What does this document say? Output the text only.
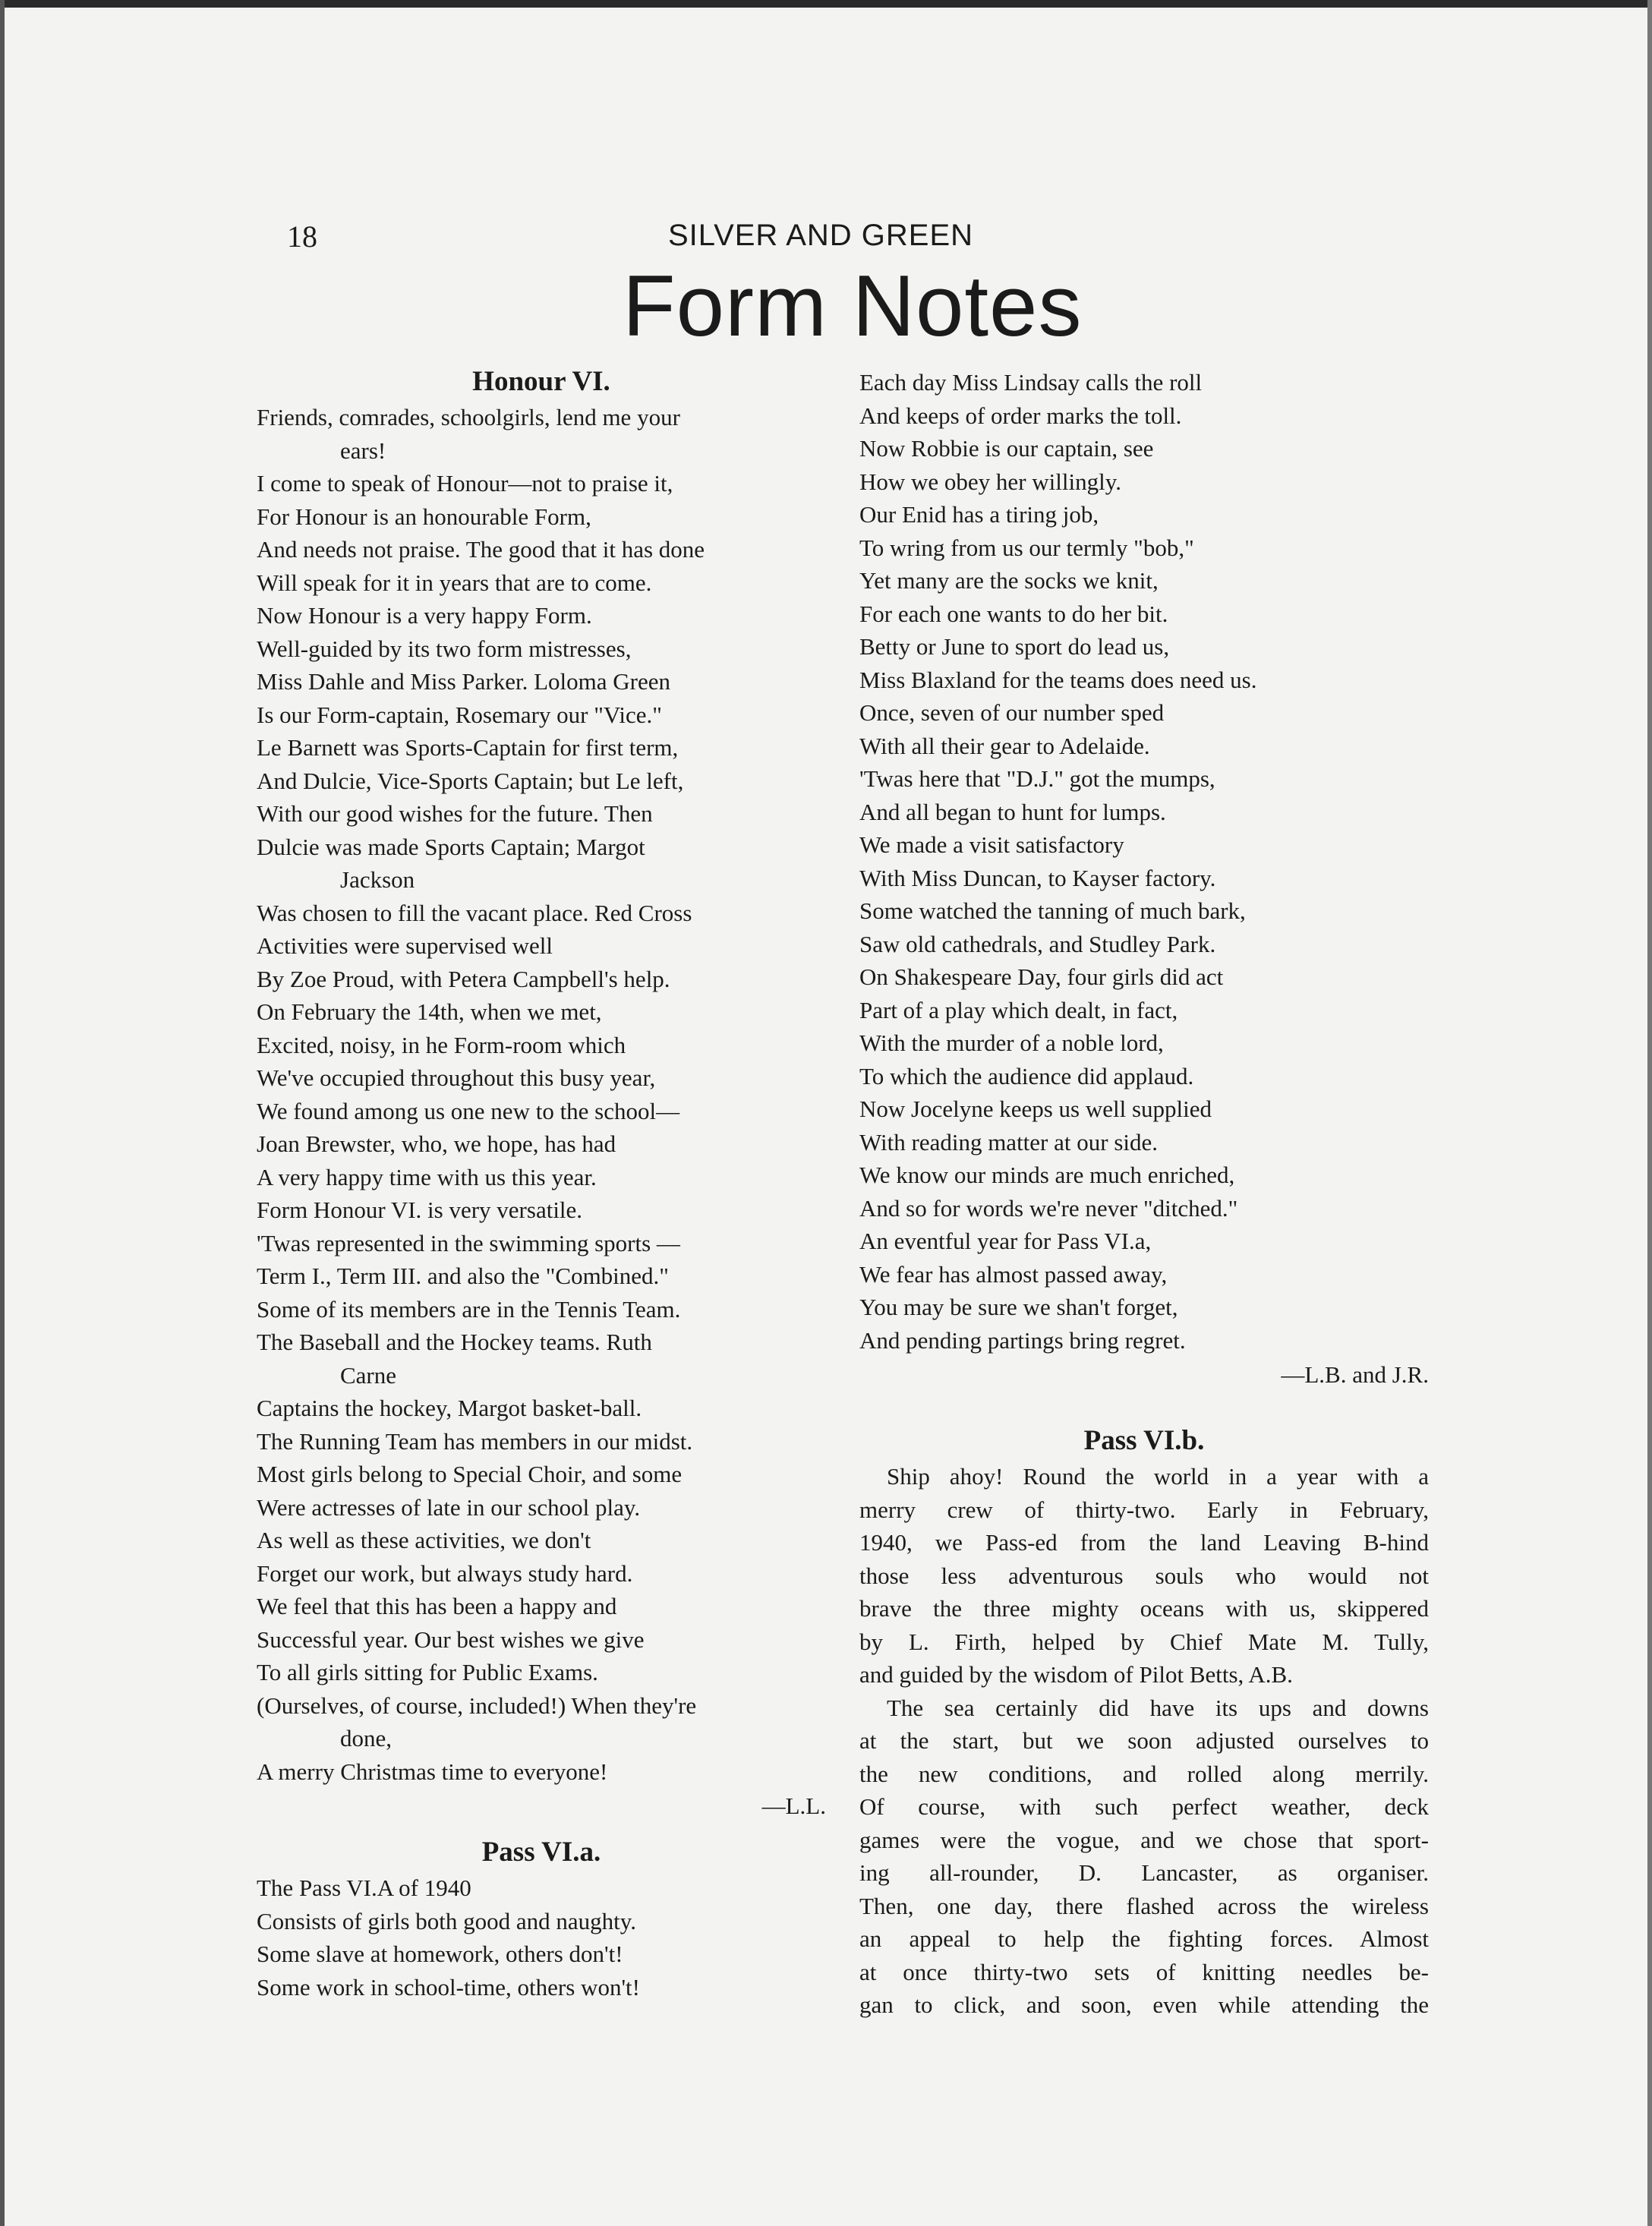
18	SILVER AND GREEN
Form Notes
Honour VI.
Friends, comrades, schoolgirls, lend me your
ears!
I come to speak of Honour—not to praise it,
For Honour is an honourable Form,
And needs not praise. The good that it has done
Will speak for it in years that are to come.
Now Honour is a very happy Form.
Well-guided by its two form mistresses,
Miss Dahle and Miss Parker. Loloma Green
Is our Form-captain, Rosemary our "Vice."
Le Barnett was Sports-Captain for first term,
And Dulcie, Vice-Sports Captain; but Le left,
With our good wishes for the future. Then
Dulcie was made Sports Captain; Margot
Jackson
Was chosen to fill the vacant place. Red Cross
Activities were supervised well
By Zoe Proud, with Petera Campbell's help.
On February the 14th, when we met,
Excited, noisy, in he Form-room which
We've occupied throughout this busy year,
We found among us one new to the school—
Joan Brewster, who, we hope, has had
A very happy time with us this year.
Form Honour VI. is very versatile.
'Twas represented in the swimming sports —
Term I., Term III. and also the "Combined."
Some of its members are in the Tennis Team.
The Baseball and the Hockey teams. Ruth
Carne
Captains the hockey, Margot basket-ball.
The Running Team has members in our midst.
Most girls belong to Special Choir, and some
Were actresses of late in our school play.
As well as these activities, we don't
Forget our work, but always study hard.
We feel that this has been a happy and
Successful year. Our best wishes we give
To all girls sitting for Public Exams.
(Ourselves, of course, included!) When they're
done,
A merry Christmas time to everyone!
—L.L.
Pass VI.a.
The Pass VI.A of 1940
Consists of girls both good and naughty.
Some slave at homework, others don't!
Some work in school-time, others won't!
Each day Miss Lindsay calls the roll
And keeps of order marks the toll.
Now Robbie is our captain, see
How we obey her willingly.
Our Enid has a tiring job,
To wring from us our termly "bob,"
Yet many are the socks we knit,
For each one wants to do her bit.
Betty or June to sport do lead us,
Miss Blaxland for the teams does need us.
Once, seven of our number sped
With all their gear to Adelaide.
'Twas here that "D.J." got the mumps,
And all began to hunt for lumps.
We made a visit satisfactory
With Miss Duncan, to Kayser factory.
Some watched the tanning of much bark,
Saw old cathedrals, and Studley Park.
On Shakespeare Day, four girls did act
Part of a play which dealt, in fact,
With the murder of a noble lord,
To which the audience did applaud.
Now Jocelyne keeps us well supplied
With reading matter at our side.
We know our minds are much enriched,
And so for words we're never "ditched."
An eventful year for Pass VI.a,
We fear has almost passed away,
You may be sure we shan't forget,
And pending partings bring regret.
—L.B. and J.R.
Pass VI.b.
Ship ahoy! Round the world in a year with a
merry crew of thirty-two. Early in February,
1940, we Pass-ed from the land Leaving B-hind
those less adventurous souls who would not
brave the three mighty oceans with us, skippered
by L. Firth, helped by Chief Mate M. Tully,
and guided by the wisdom of Pilot Betts, A.B.
The sea certainly did have its ups and downs
at the start, but we soon adjusted ourselves to
the new conditions, and rolled along merrily.
Of course, with such perfect weather, deck
games were the vogue, and we chose that sport-
ing all-rounder, D. Lancaster, as organiser.
Then, one day, there flashed across the wireless
an appeal to help the fighting forces. Almost
at once thirty-two sets of knitting needles be-
gan to click, and soon, even while attending the
